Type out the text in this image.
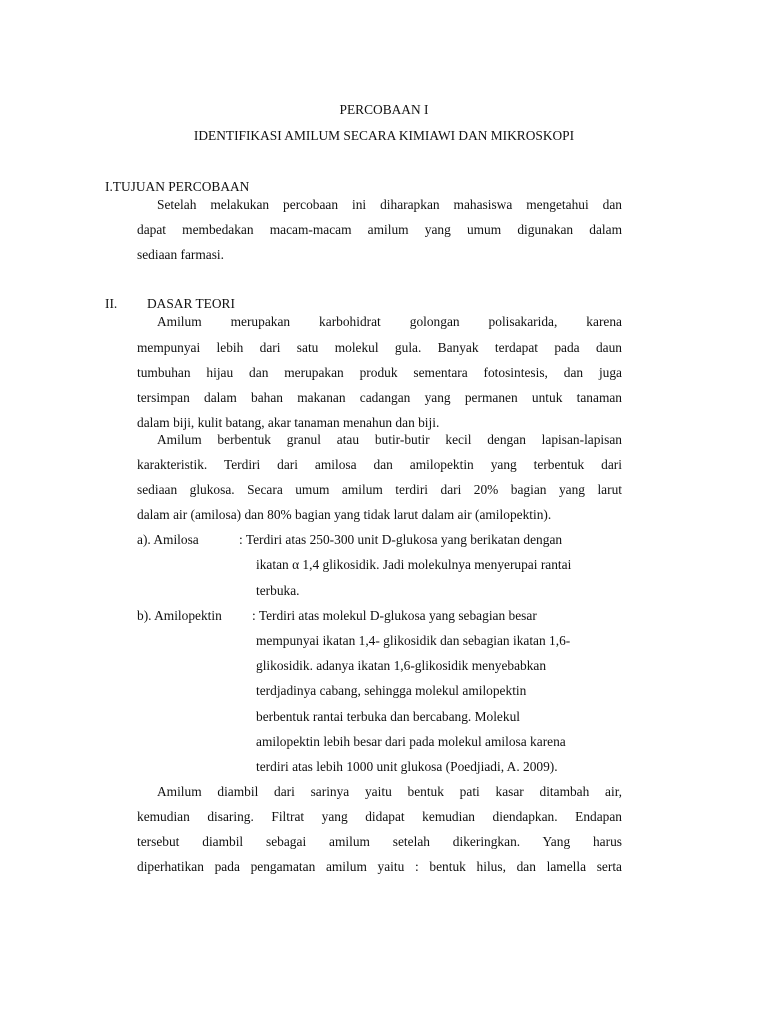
PERCOBAAN I
IDENTIFIKASI AMILUM SECARA KIMIAWI DAN MIKROSKOPI
I.TUJUAN PERCOBAAN
Setelah melakukan percobaan ini diharapkan mahasiswa mengetahui dan
dapat membedakan macam-macam amilum yang umum digunakan dalam
sediaan farmasi.
II. DASAR TEORI
Amilum merupakan karbohidrat golongan polisakarida, karena
mempunyai lebih dari satu molekul gula. Banyak terdapat pada daun
tumbuhan hijau dan merupakan produk sementara fotosintesis, dan juga
tersimpan dalam bahan makanan cadangan yang permanen untuk tanaman
dalam biji, kulit batang, akar tanaman menahun dan biji.
Amilum berbentuk granul atau butir-butir kecil dengan lapisan-lapisan
karakteristik. Terdiri dari amilosa dan amilopektin yang terbentuk dari
sediaan glukosa. Secara umum amilum terdiri dari 20% bagian yang larut
dalam air (amilosa) dan 80% bagian yang tidak larut dalam air (amilopektin).
a). Amilosa	: Terdiri atas 250-300 unit D-glukosa yang berikatan dengan
ikatan α 1,4 glikosidik. Jadi molekulnya menyerupai rantai
terbuka.
b). Amilopektin : Terdiri atas molekul D-glukosa yang sebagian besar
mempunyai ikatan 1,4- glikosidik dan sebagian ikatan 1,6-
glikosidik. adanya ikatan 1,6-glikosidik menyebabkan
terdjadinya cabang, sehingga molekul amilopektin
berbentuk rantai terbuka dan bercabang. Molekul
amilopektin lebih besar dari pada molekul amilosa karena
terdiri atas lebih 1000 unit glukosa (Poedjiadi, A. 2009).
Amilum diambil dari sarinya yaitu bentuk pati kasar ditambah air,
kemudian disaring. Filtrat yang didapat kemudian diendapkan. Endapan
tersebut diambil sebagai amilum setelah dikeringkan. Yang harus
diperhatikan pada pengamatan amilum yaitu : bentuk hilus, dan lamella serta
